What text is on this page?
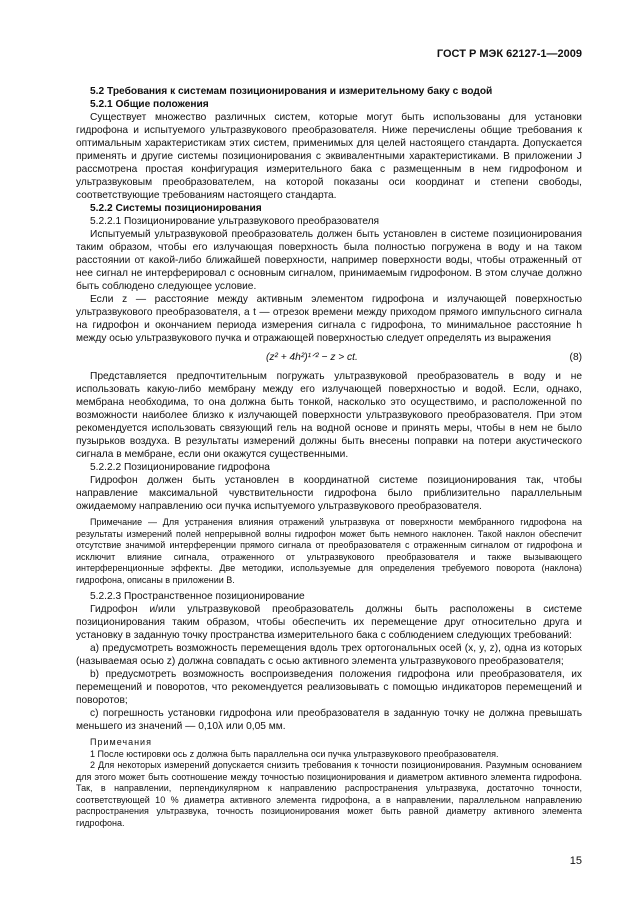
ГОСТ Р МЭК 62127-1—2009

5.2 Требования к системам позиционирования и измерительному баку с водой

5.2.1 Общие положения

Существует множество различных систем, которые могут быть использованы для установки гидрофона и испытуемого ультразвукового преобразователя. Ниже перечислены общие требования к оптимальным характеристикам этих систем, применимых для целей настоящего стандарта. Допускается применять и другие системы позиционирования с эквивалентными характеристиками. В приложении J рассмотрена простая конфигурация измерительного бака с размещенным в нем гидрофоном и ультразвуковым преобразователем, на которой показаны оси координат и степени свободы, соответствующие требованиям настоящего стандарта.

5.2.2 Системы позиционирования

5.2.2.1 Позиционирование ультразвукового преобразователя

Испытуемый ультразвуковой преобразователь должен быть установлен в системе позиционирования таким образом, чтобы его излучающая поверхность была полностью погружена в воду и на таком расстоянии от какой-либо ближайшей поверхности, например поверхности воды, чтобы отраженный от нее сигнал не интерферировал с основным сигналом, принимаемым гидрофоном. В этом случае должно быть соблюдено следующее условие.

Если z — расстояние между активным элементом гидрофона и излучающей поверхностью ультразвукового преобразователя, а t — отрезок времени между приходом прямого импульсного сигнала на гидрофон и окончанием периода измерения сигнала с гидрофона, то минимальное расстояние h между осью ультразвукового пучка и отражающей поверхностью следует определять из выражения

(z² + 4h²)¹ᐟ² − z > ct.	(8)

Представляется предпочтительным погружать ультразвуковой преобразователь в воду и не использовать какую-либо мембрану между его излучающей поверхностью и водой. Если, однако, мембрана необходима, то она должна быть тонкой, насколько это осуществимо, и расположенной по возможности наиболее близко к излучающей поверхности ультразвукового преобразователя. При этом рекомендуется использовать связующий гель на водной основе и принять меры, чтобы в нем не было пузырьков воздуха. В результаты измерений должны быть внесены поправки на потери акустического сигнала в мембране, если они окажутся существенными.

5.2.2.2 Позиционирование гидрофона

Гидрофон должен быть установлен в координатной системе позиционирования так, чтобы направление максимальной чувствительности гидрофона было приблизительно параллельным ожидаемому направлению оси пучка испытуемого ультразвукового преобразователя.

Примечание — Для устранения влияния отражений ультразвука от поверхности мембранного гидрофона на результаты измерений полей непрерывной волны гидрофон может быть немного наклонен. Такой наклон обеспечит отсутствие значимой интерференции прямого сигнала от преобразователя с отраженным сигналом от гидрофона и исключит влияние сигнала, отраженного от ультразвукового преобразователя и также вызывающего интерференционные эффекты. Две методики, используемые для определения требуемого поворота (наклона) гидрофона, описаны в приложении В.

5.2.2.3 Пространственное позиционирование

Гидрофон и/или ультразвуковой преобразователь должны быть расположены в системе позиционирования таким образом, чтобы обеспечить их перемещение друг относительно друга и установку в заданную точку пространства измерительного бака с соблюдением следующих требований:

а) предусмотреть возможность перемещения вдоль трех ортогональных осей (x, y, z), одна из которых (называемая осью z) должна совпадать с осью активного элемента ультразвукового преобразователя;

b) предусмотреть возможность воспроизведения положения гидрофона или преобразователя, их перемещений и поворотов, что рекомендуется реализовывать с помощью индикаторов перемещений и поворотов;

c) погрешность установки гидрофона или преобразователя в заданную точку не должна превышать меньшего из значений — 0,10λ или 0,05 мм.

Примечания

1 После юстировки ось z должна быть параллельна оси пучка ультразвукового преобразователя.

2 Для некоторых измерений допускается снизить требования к точности позиционирования. Разумным основанием для этого может быть соотношение между точностью позиционирования и диаметром активного элемента гидрофона. Так, в направлении, перпендикулярном к направлению распространения ультразвука, достаточно точности, соответствующей 10 % диаметра активного элемента гидрофона, а в направлении, параллельном направлению распространения ультразвука, точность позиционирования может быть равной диаметру активного элемента гидрофона.

15
